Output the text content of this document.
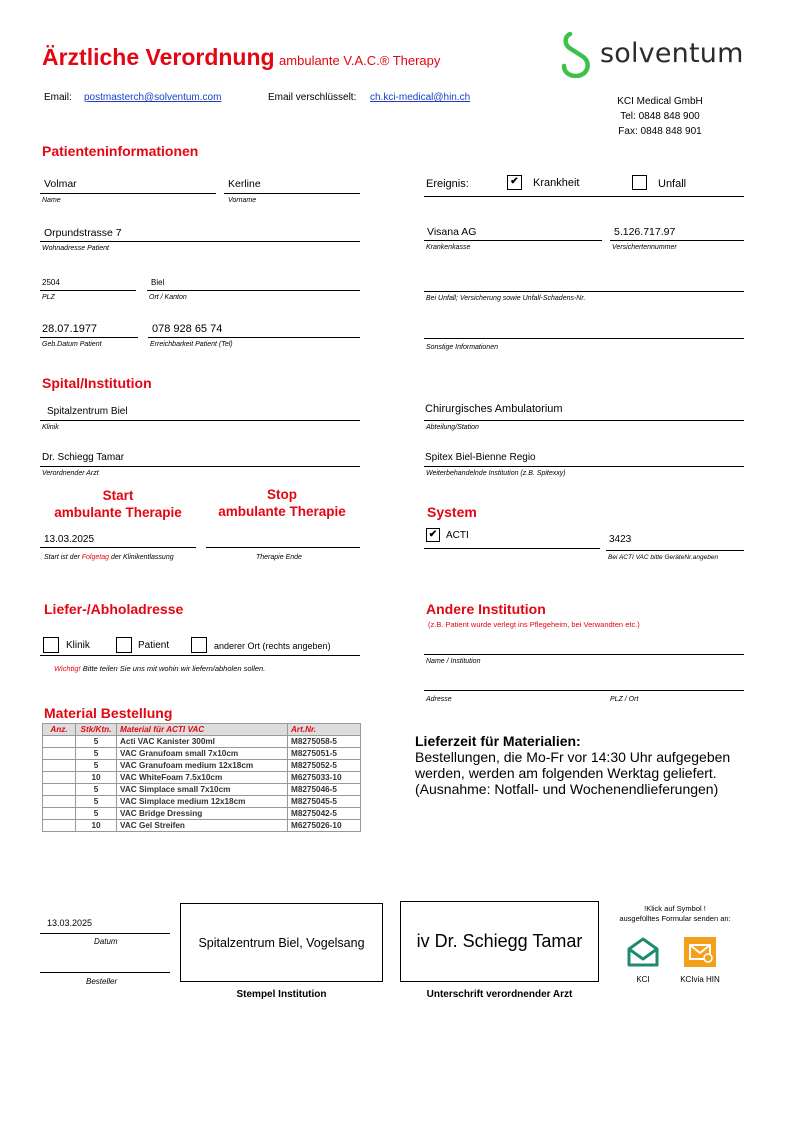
Ärztliche Verordnung ambulante V.A.C.® Therapy	solventum
Email: postmasterch@solventum.com	Email verschlüsselt: ch.kci-medical@hin.ch	KCI Medical GmbH
Tel: 0848 848 900
Fax: 0848 848 901
Patienteninformationen
Volmar
Name
Kerline
Vorname
Orpundstrasse 7
Wohnadresse Patient
2504
PLZ
Biel
Ort / Kanton
28.07.1977
Geb.Datum Patient
078 928 65 74
Erreichbarkeit Patient (Tel)
Ereignis:	✔	Krankheit	Unfall
Visana AG
Krankenkasse
5.126.717.97
Versichertennummer
Bei Unfall; Versicherung sowie Unfall-Schadens-Nr.
Sonstige Informationen
Spital/Institution
Spitalzentrum Biel
Klinik
Chirurgisches Ambulatorium
Abteilung/Station
Dr. Schiegg Tamar
Verordnender Arzt
Spitex Biel-Bienne Regio
Weiterbehandelnde Institution (z.B. Spitexxy)
Start
ambulante Therapie
Stop
ambulante Therapie
13.03.2025
Start ist der Folgetag der Klinikentlassung	Therapie Ende
System
✔ ACTI	3423
Bei ACTI VAC bitte GeräteNr.angeben
Liefer-/Abholadresse
Klinik	Patient	anderer Ort (rechts angeben)
Wichtig! Bitte teilen Sie uns mit wohin wir liefern/abholen sollen.
Andere Institution
(z.B. Patient wurde verlegt ins Pflegeheim, bei Verwandten etc.)
Name / Institution
Adresse	PLZ / Ort
Material Bestellung
Anz.	Stk/Ktn.	Material für ACTI VAC	Art.Nr.
	5	Acti VAC Kanister 300ml	M8275058-5
	5	VAC Granufoam small 7x10cm	M8275051-5
	5	VAC Granufoam medium 12x18cm	M8275052-5
	10	VAC WhiteFoam 7.5x10cm	M6275033-10
	5	VAC Simplace small 7x10cm	M8275046-5
	5	VAC Simplace medium 12x18cm	M8275045-5
	5	VAC Bridge Dressing	M8275042-5
	10	VAC Gel Streifen	M6275026-10
Lieferzeit für Materialien:
Bestellungen, die Mo-Fr vor 14:30 Uhr aufgegeben
werden, werden am folgenden Werktag geliefert.
(Ausnahme: Notfall- und Wochenendlieferungen)
13.03.2025
Datum
Besteller
Spitalzentrum Biel, Vogelsang
Stempel Institution
iv Dr. Schiegg Tamar
Unterschrift verordnender Arzt
!Klick auf Symbol !
ausgefülltes Formular senden an:
KCI	KCIvia HIN
